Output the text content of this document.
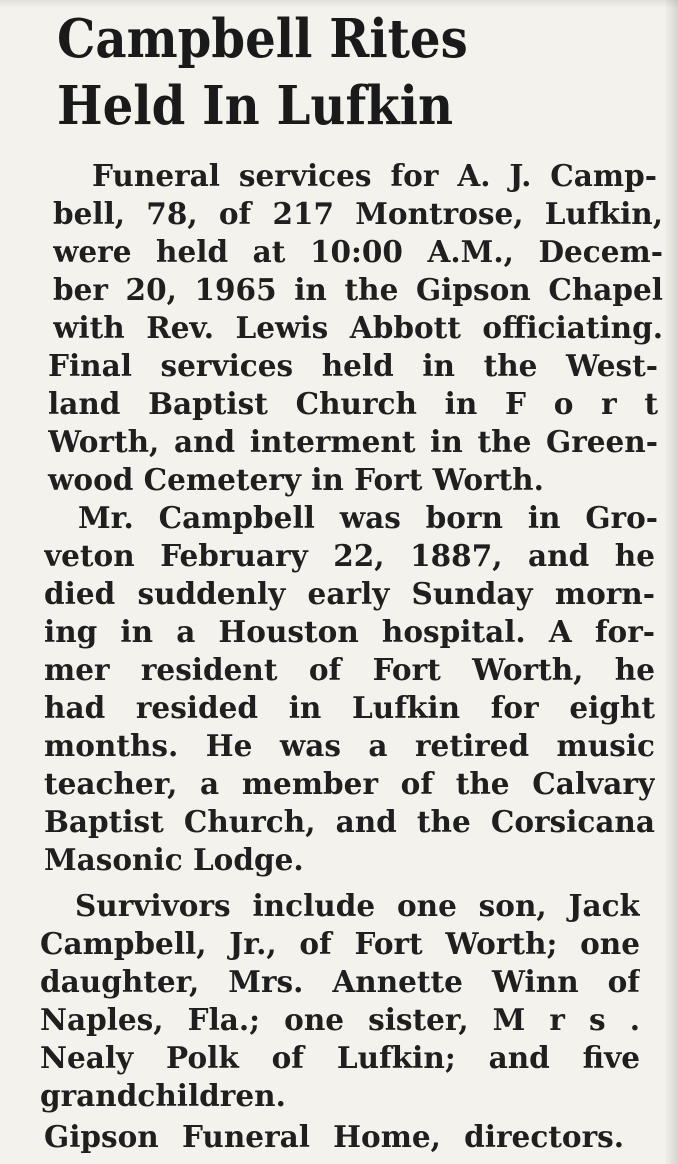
Campbell Rites
Held In Lufkin
Funeral services for A. J. Camp-
bell, 78, of 217 Montrose, Lufkin,
were held at 10:00 A.M., Decem-
ber 20, 1965 in the Gipson Chapel
with Rev. Lewis Abbott officiating.
Final services held in the West-
land Baptist Church in F o r t
Worth, and interment in the Green-
wood Cemetery in Fort Worth.
Mr. Campbell was born in Gro-
veton February 22, 1887, and he
died suddenly early Sunday morn-
ing in a Houston hospital. A for-
mer resident of Fort Worth, he
had resided in Lufkin for eight
months. He was a retired music
teacher, a member of the Calvary
Baptist Church, and the Corsicana
Masonic Lodge.
Survivors include one son, Jack
Campbell, Jr., of Fort Worth; one
daughter, Mrs. Annette Winn of
Naples, Fla.; one sister, M r s .
Nealy Polk of Lufkin; and five
grandchildren.
Gipson Funeral Home, directors.
